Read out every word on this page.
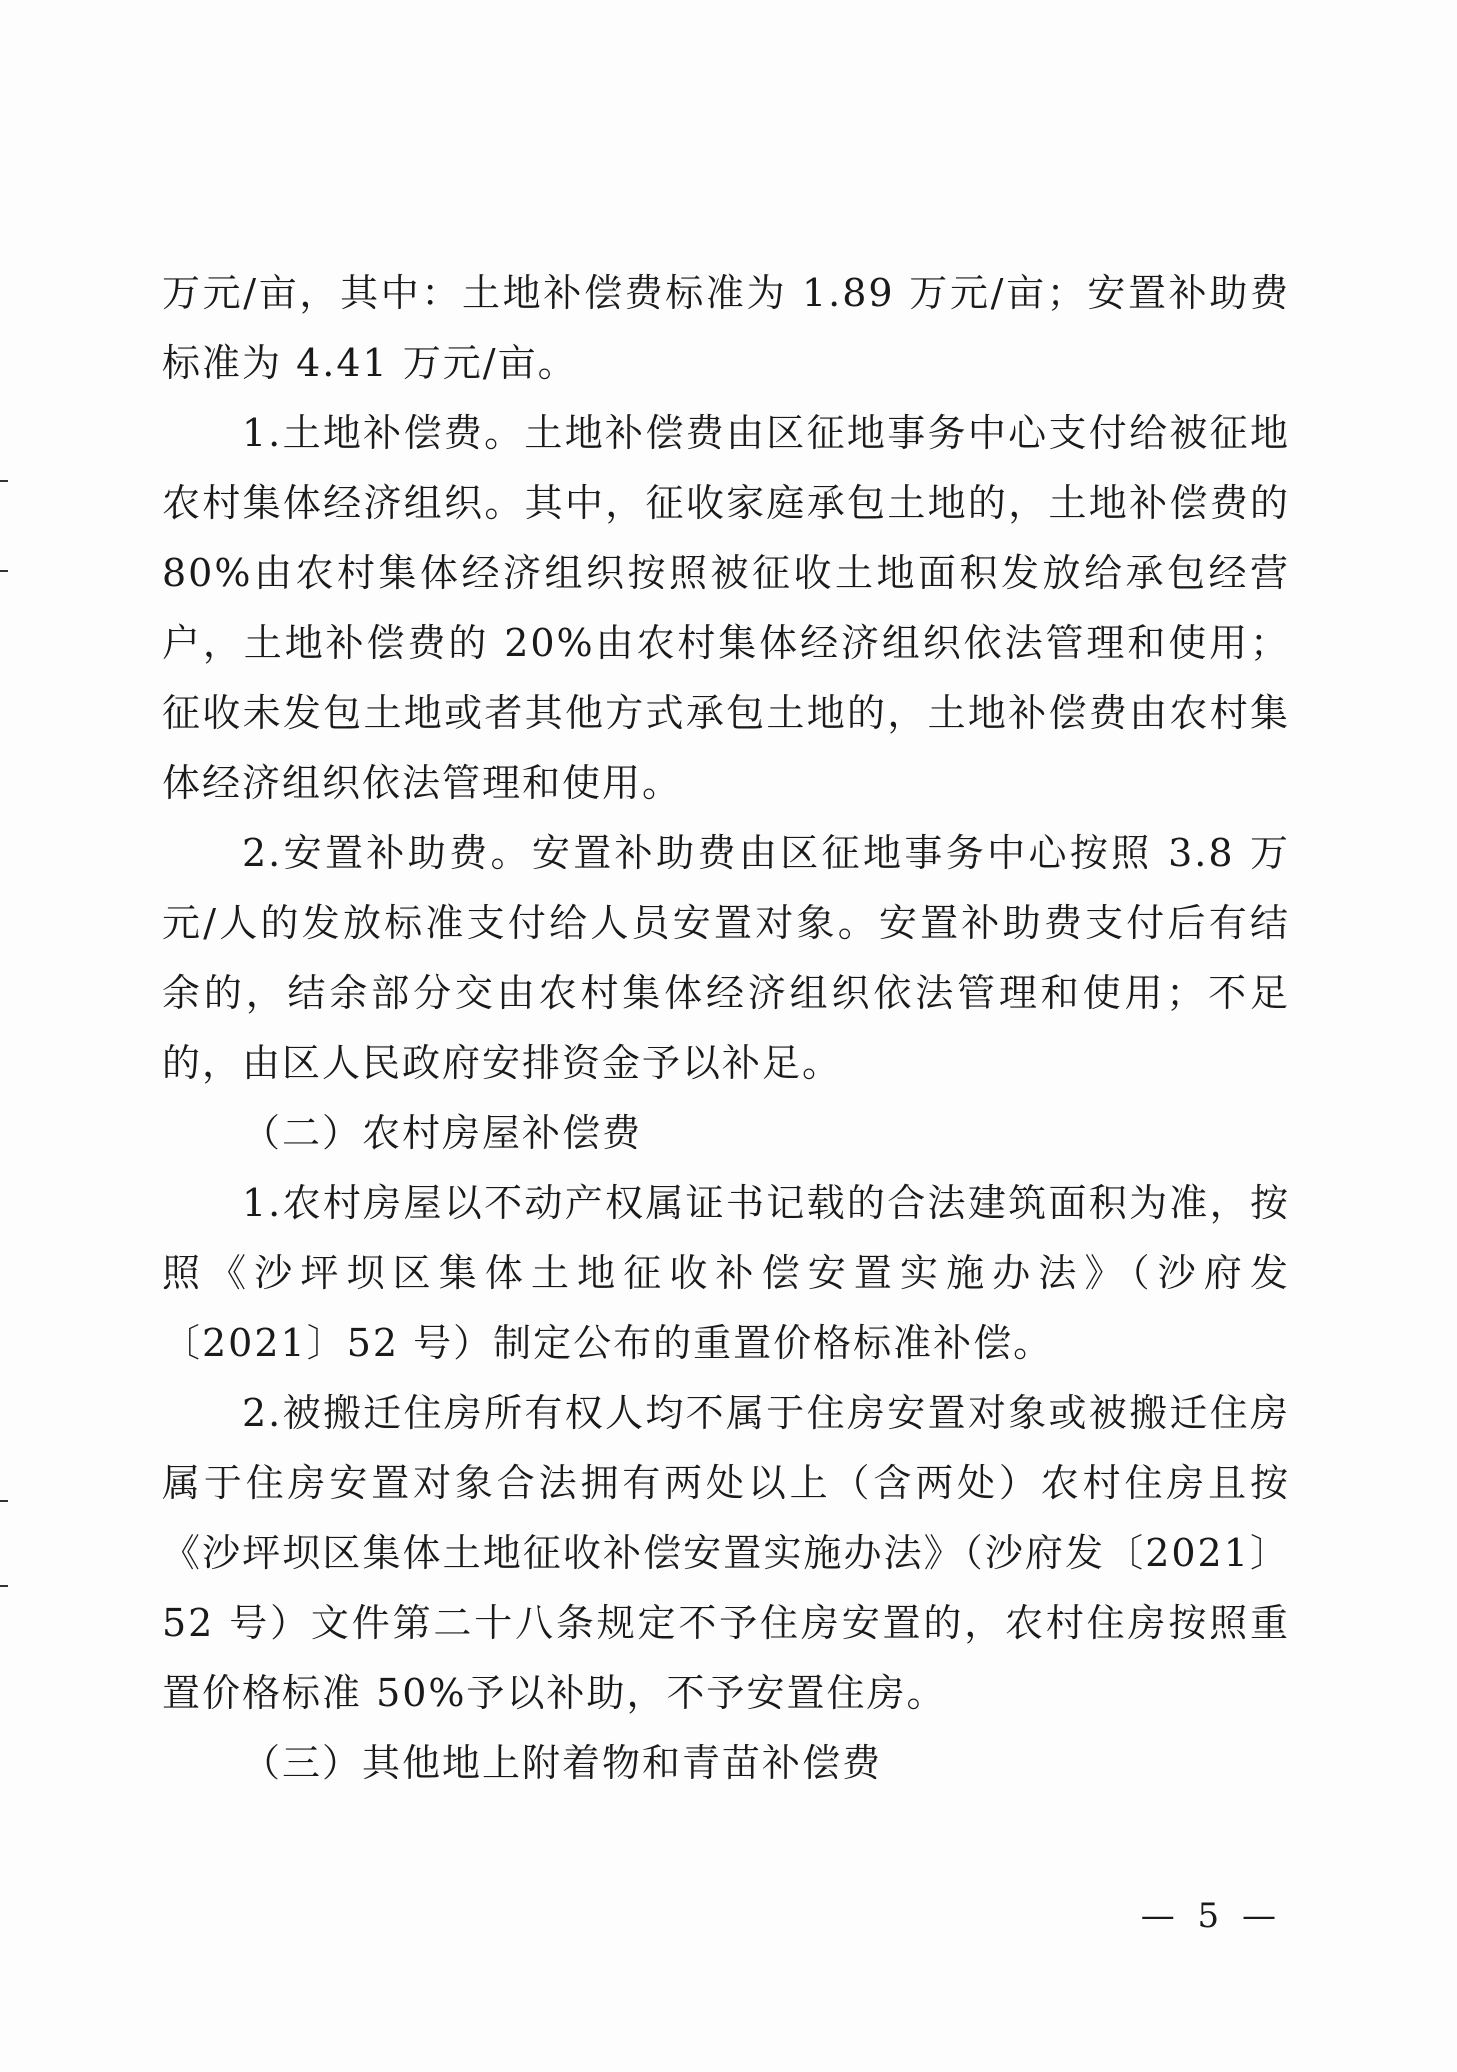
万元/亩，其中：土地补偿费标准为 1.89 万元/亩；安置补助费标准为 4.41 万元/亩。

1.土地补偿费。土地补偿费由区征地事务中心支付给被征地农村集体经济组织。其中，征收家庭承包土地的，土地补偿费的80%由农村集体经济组织按照被征收土地面积发放给承包经营户，土地补偿费的 20%由农村集体经济组织依法管理和使用；征收未发包土地或者其他方式承包土地的，土地补偿费由农村集体经济组织依法管理和使用。

2.安置补助费。安置补助费由区征地事务中心按照 3.8 万元/人的发放标准支付给人员安置对象。安置补助费支付后有结余的，结余部分交由农村集体经济组织依法管理和使用；不足的，由区人民政府安排资金予以补足。

（二）农村房屋补偿费

1.农村房屋以不动产权属证书记载的合法建筑面积为准，按照《沙坪坝区集体土地征收补偿安置实施办法》（沙府发〔2021〕52 号）制定公布的重置价格标准补偿。

2.被搬迁住房所有权人均不属于住房安置对象或被搬迁住房属于住房安置对象合法拥有两处以上（含两处）农村住房且按《沙坪坝区集体土地征收补偿安置实施办法》（沙府发〔2021〕52 号）文件第二十八条规定不予住房安置的，农村住房按照重置价格标准 50%予以补助，不予安置住房。

（三）其他地上附着物和青苗补偿费

— 5 —
